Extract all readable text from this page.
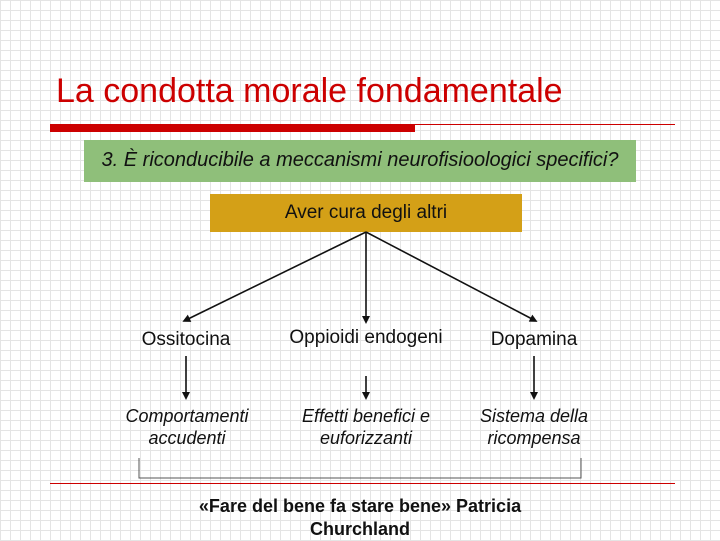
La condotta morale fondamentale
3. È riconducibile a meccanismi neurofisioologici specifici?
Aver cura degli altri
Ossitocina	Oppioidi endogeni	Dopamina
Comportamenti accudenti
Effetti benefici e euforizzanti
Sistema della ricompensa
«Fare del bene fa stare bene» Patricia Churchland
